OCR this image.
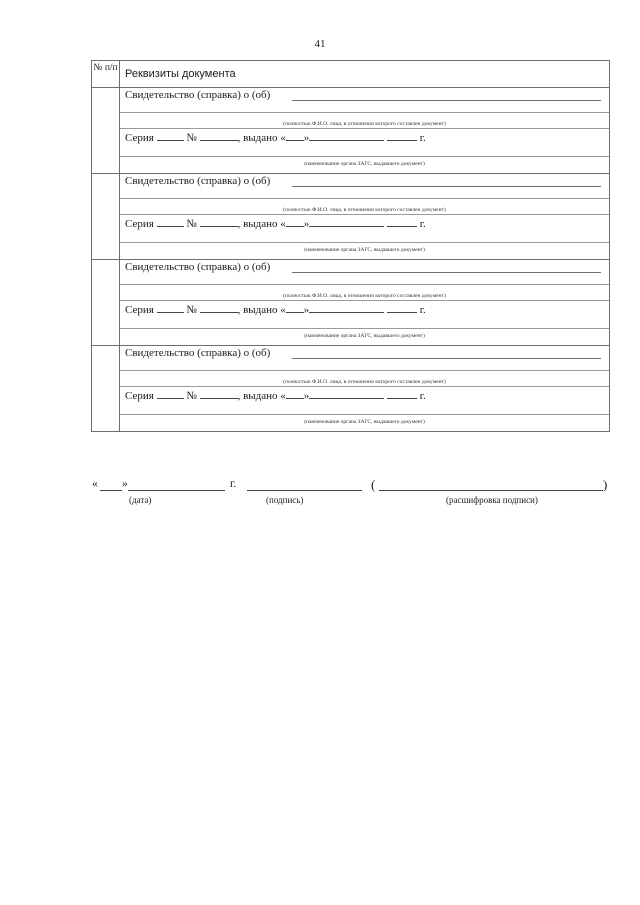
41
№ п/п	Реквизиты документа

	Свидетельство (справка) о (об)
(полностью Ф.И.О. лица, в отношении которого составлен документ)
Серия № , выдано « » г.
(наименование органа ЗАГС, выдавшего документ)

	Свидетельство (справка) о (об)
(полностью Ф.И.О. лица, в отношении которого составлен документ)
Серия № , выдано « » г.
(наименование органа ЗАГС, выдавшего документ)

	Свидетельство (справка) о (об)
(полностью Ф.И.О. лица, в отношении которого составлен документ)
Серия № , выдано « » г.
(наименование органа ЗАГС, выдавшего документ)

	Свидетельство (справка) о (об)
(полностью Ф.И.О. лица, в отношении которого составлен документ)
Серия № , выдано « » г.
(наименование органа ЗАГС, выдавшего документ)
« »	г.	(	)
(дата)	(подпись)	(расшифровка подписи)
